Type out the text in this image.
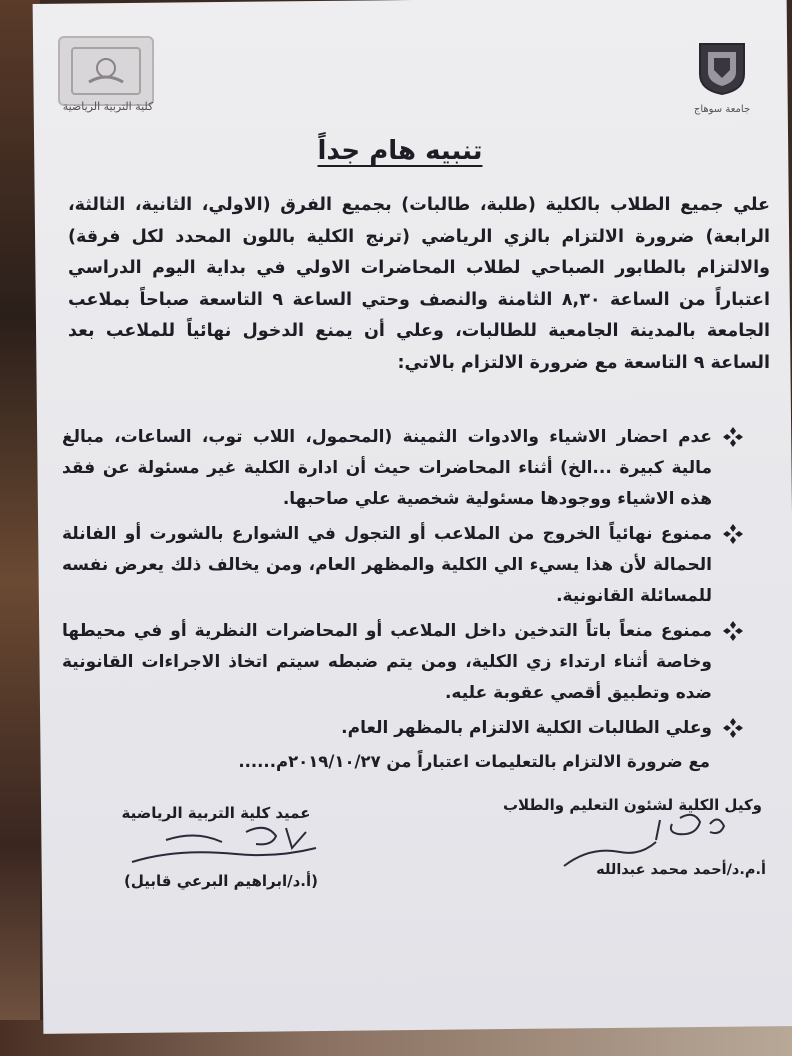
كلية التربية الرياضية	جامعة سوهاج
تنبيه هام جداً

علي جميع الطلاب بالكلية (طلبة، طالبات) بجميع الفرق (الاولي، الثانية، الثالثة، الرابعة) ضرورة الالتزام بالزي الرياضي (ترنج الكلية باللون المحدد لكل فرقة) والالتزام بالطابور الصباحي لطلاب المحاضرات الاولي في بداية اليوم الدراسي اعتباراً من الساعة ٨,٣٠ الثامنة والنصف وحتي الساعة ٩ التاسعة صباحاً بملاعب الجامعة بالمدينة الجامعية للطالبات، وعلي أن يمنع الدخول نهائياً للملاعب بعد الساعة ٩ التاسعة مع ضرورة الالتزام بالاتي:

عدم احضار الاشياء والادوات الثمينة (المحمول، اللاب توب، الساعات، مبالغ مالية كبيرة ...الخ) أثناء المحاضرات حيث أن ادارة الكلية غير مسئولة عن فقد هذه الاشياء ووجودها مسئولية شخصية علي صاحبها.
ممنوع نهائياً الخروج من الملاعب أو التجول في الشوارع بالشورت أو الفانلة الحمالة لأن هذا يسيء الي الكلية والمظهر العام، ومن يخالف ذلك يعرض نفسه للمسائلة القانونية.
ممنوع منعاً باتاً التدخين داخل الملاعب أو المحاضرات النظرية أو في محيطها وخاصة أثناء ارتداء زي الكلية، ومن يتم ضبطه سيتم اتخاذ الاجراءات القانونية ضده وتطبيق أقصي عقوبة عليه.
وعلي الطالبات الكلية الالتزام بالمظهر العام.

مع ضرورة الالتزام بالتعليمات اعتباراً من ٢٠١٩/١٠/٢٧م......

وكيل الكلية لشئون التعليم والطلاب
أ.م.د/أحمد محمد عبدالله
عميد كلية التربية الرياضية
(أ.د/ابراهيم البرعي قابيل)
